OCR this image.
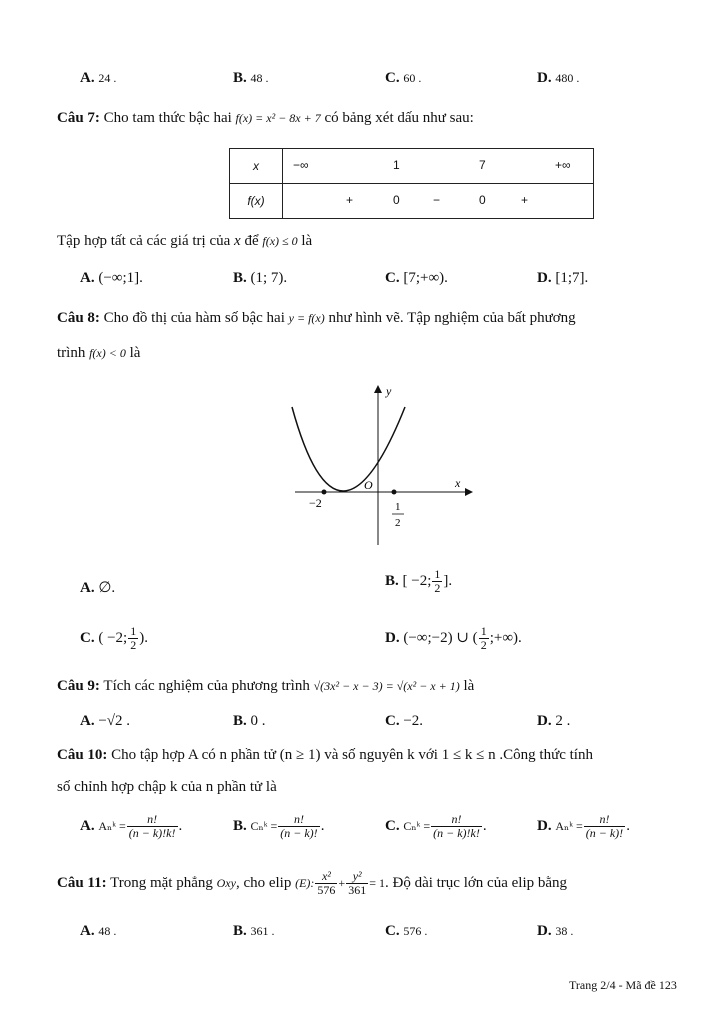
A. 24 .	B. 48 .	C. 60 .	D. 480 .
Câu 7: Cho tam thức bậc hai f(x) = x² − 8x + 7 có bảng xét dấu như sau:
x	−∞ 1 7 +∞

f(x)	+ 0 − 0 +
Tập hợp tất cả các giá trị của x để f(x) ≤ 0 là
A. (−∞;1].	B. (1; 7).	C. [7;+∞).	D. [1;7].
Câu 8: Cho đồ thị của hàm số bậc hai y = f(x) như hình vẽ. Tập nghiệm của bất phương
trình f(x) < 0 là
y
x
O
−2	1
2
A. ∅.	B. [ −2; $\frac{1}{2}$ ].
C. ( −2; $\frac{1}{2}$ ).	D. (−∞;−2) ∪ ( $\frac{1}{2}$ ;+∞).
Câu 9: Tích các nghiệm của phương trình √(3x² − x − 3) = √(x² − x + 1) là
A. −√2 .	B. 0 .	C. −2.	D. 2 .
Câu 10: Cho tập hợp A có n phần tử (n ≥ 1) và số nguyên k với 1 ≤ k ≤ n .Công thức tính
số chỉnh hợp chập k của n phần tử là
A. Aₙᵏ = $\frac{n!}{(n - k)!k!}$ .	B. Cₙᵏ = $\frac{n!}{(n - k)!}$ .	C. Cₙᵏ = $\frac{n!}{(n - k)!k!}$ .	D. Aₙᵏ = $\frac{n!}{(n - k)!}$ .
Câu 11: Trong mặt phẳng Oxy, cho elip (E): $\frac{\text{x²}}{576} + \frac{\text{y²}}{361} = 1$. Độ dài trục lớn của elip bằng
A. 48 .	B. 361 .	C. 576 .	D. 38 .
Trang 2/4 - Mã đề 123
